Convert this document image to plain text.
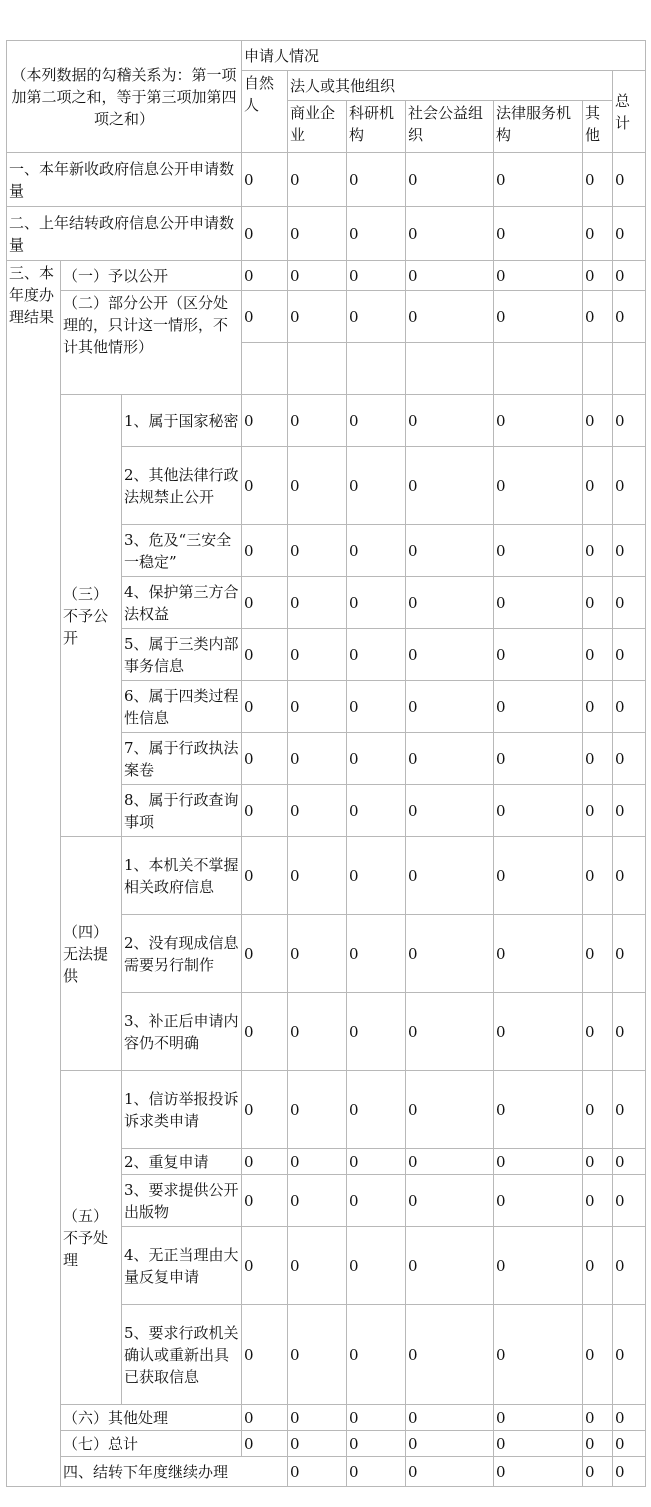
（本列数据的勾稽关系为：第一项加第二项之和，等于第三项加第四项之和）			申请人情况							
			自然人	法人或其他组织					总计	
				商业企业	科研机构	社会公益组织	法律服务机构	其他		
一、本年新收政府信息公开申请数量			0	0	0	0	0	0	0	
二、上年结转政府信息公开申请数量			0	0	0	0	0	0	0	
三、本年度办理结果	（一）予以公开		0	0	0	0	0	0	0	
	（二）部分公开（区分处理的，只计这一情形，不计其他情形）		0	0	0	0	0	0	0	

	（三）不予公开	1、属于国家秘密	0	0	0	0	0	0	0	
		2、其他法律行政法规禁止公开	0	0	0	0	0	0	0	
		3、危及“三安全一稳定”	0	0	0	0	0	0	0	
		4、保护第三方合法权益	0	0	0	0	0	0	0	
		5、属于三类内部事务信息	0	0	0	0	0	0	0	
		6、属于四类过程性信息	0	0	0	0	0	0	0	
		7、属于行政执法案卷	0	0	0	0	0	0	0	
		8、属于行政查询事项	0	0	0	0	0	0	0	
	（四）无法提供	1、本机关不掌握相关政府信息	0	0	0	0	0	0	0	
		2、没有现成信息需要另行制作	0	0	0	0	0	0	0	
		3、补正后申请内容仍不明确	0	0	0	0	0	0	0	
	（五）不予处理	1、信访举报投诉诉求类申请	0	0	0	0	0	0	0	
		2、重复申请	0	0	0	0	0	0	0	
		3、要求提供公开出版物	0	0	0	0	0	0	0	
		4、无正当理由大量反复申请	0	0	0	0	0	0	0	
		5、要求行政机关确认或重新出具已获取信息	0	0	0	0	0	0	0	
	（六）其他处理		0	0	0	0	0	0	0	
	（七）总计		0	0	0	0	0	0	0	
	四、结转下年度继续办理			0	0	0	0	0	0	
